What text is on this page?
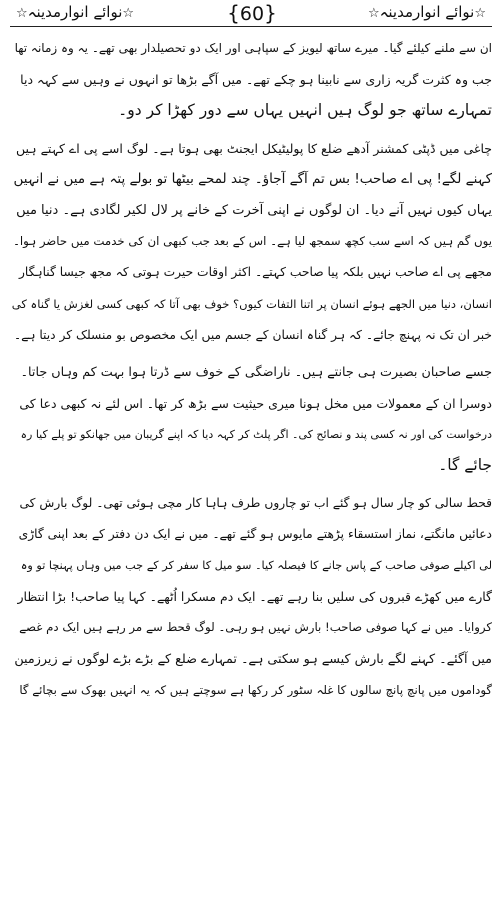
☆نوائے انوارمدینہ☆
{60}
☆نوائے انوارمدینہ☆
ان سے ملنے کیلئے گیا۔ میرے ساتھ لیویز کے سپاہی اور ایک دو تحصیلدار بھی تھے۔ یہ وہ زمانہ تھا
جب وہ کثرت گریہ زاری سے نابینا ہو چکے تھے۔ میں آگے بڑھا تو انہوں نے وہیں سے کہہ دیا
تمہارے ساتھ جو لوگ ہیں انہیں یہاں سے دور کھڑا کر دو۔
چاغی میں ڈپٹی کمشنر آدھے ضلع کا پولیٹیکل ایجنٹ بھی ہوتا ہے۔ لوگ اسے پی اے کہتے ہیں
کہنے لگے! پی اے صاحب! بس تم آگے آجاؤ۔ چند لمحے بیٹھا تو بولے پتہ ہے میں نے انہیں
یہاں کیوں نہیں آنے دیا۔ ان لوگوں نے اپنی آخرت کے خانے پر لال لکیر لگادی ہے۔ دنیا میں
یوں گم ہیں کہ اسے سب کچھ سمجھ لیا ہے۔ اس کے بعد جب کبھی ان کی خدمت میں حاضر ہوا۔
مجھے پی اے صاحب نہیں بلکہ پیا صاحب کہتے۔ اکثر اوقات حیرت ہوتی کہ مجھ جیسا گناہگار
انسان، دنیا میں الجھے ہوئے انسان پر اتنا التفات کیوں؟ خوف بھی آتا کہ کبھی کسی لغزش یا گناہ کی
خبر ان تک نہ پہنچ جائے۔ کہ ہر گناہ انسان کے جسم میں ایک مخصوص بو منسلک کر دیتا ہے۔
جسے صاحبان بصیرت ہی جانتے ہیں۔ ناراضگی کے خوف سے ڈرتا ہوا بہت کم وہاں جاتا۔
دوسرا ان کے معمولات میں مخل ہونا میری حیثیت سے بڑھ کر تھا۔ اس لئے نہ کبھی دعا کی
درخواست کی اور نہ کسی پند و نصائح کی۔ اگر پلٹ کر کہہ دیا کہ اپنے گریبان میں جھانکو تو پلے کیا رہ
جائے گا۔
قحط سالی کو چار سال ہو گئے اب تو چاروں طرف ہاہا کار مچی ہوئی تھی۔ لوگ بارش کی
دعائیں مانگتے، نماز استسقاء پڑھتے مایوس ہو گئے تھے۔ میں نے ایک دن دفتر کے بعد اپنی گاڑی
لی اکیلے صوفی صاحب کے پاس جانے کا فیصلہ کیا۔ سو میل کا سفر کر کے جب میں وہاں پہنچا تو وہ
گارے میں کھڑے قبروں کی سلیں بنا رہے تھے۔ ایک دم مسکرا اُٹھے۔ کہا پیا صاحب! بڑا انتظار
کروایا۔ میں نے کہا صوفی صاحب! بارش نہیں ہو رہی۔ لوگ قحط سے مر رہے ہیں ایک دم غصے
میں آگئے۔ کہنے لگے بارش کیسے ہو سکتی ہے۔ تمہارے ضلع کے بڑے بڑے لوگوں نے زیرزمین
گوداموں میں پانچ پانچ سالوں کا غلہ سٹور کر رکھا ہے سوچتے ہیں کہ یہ انہیں بھوک سے بچائے گا
